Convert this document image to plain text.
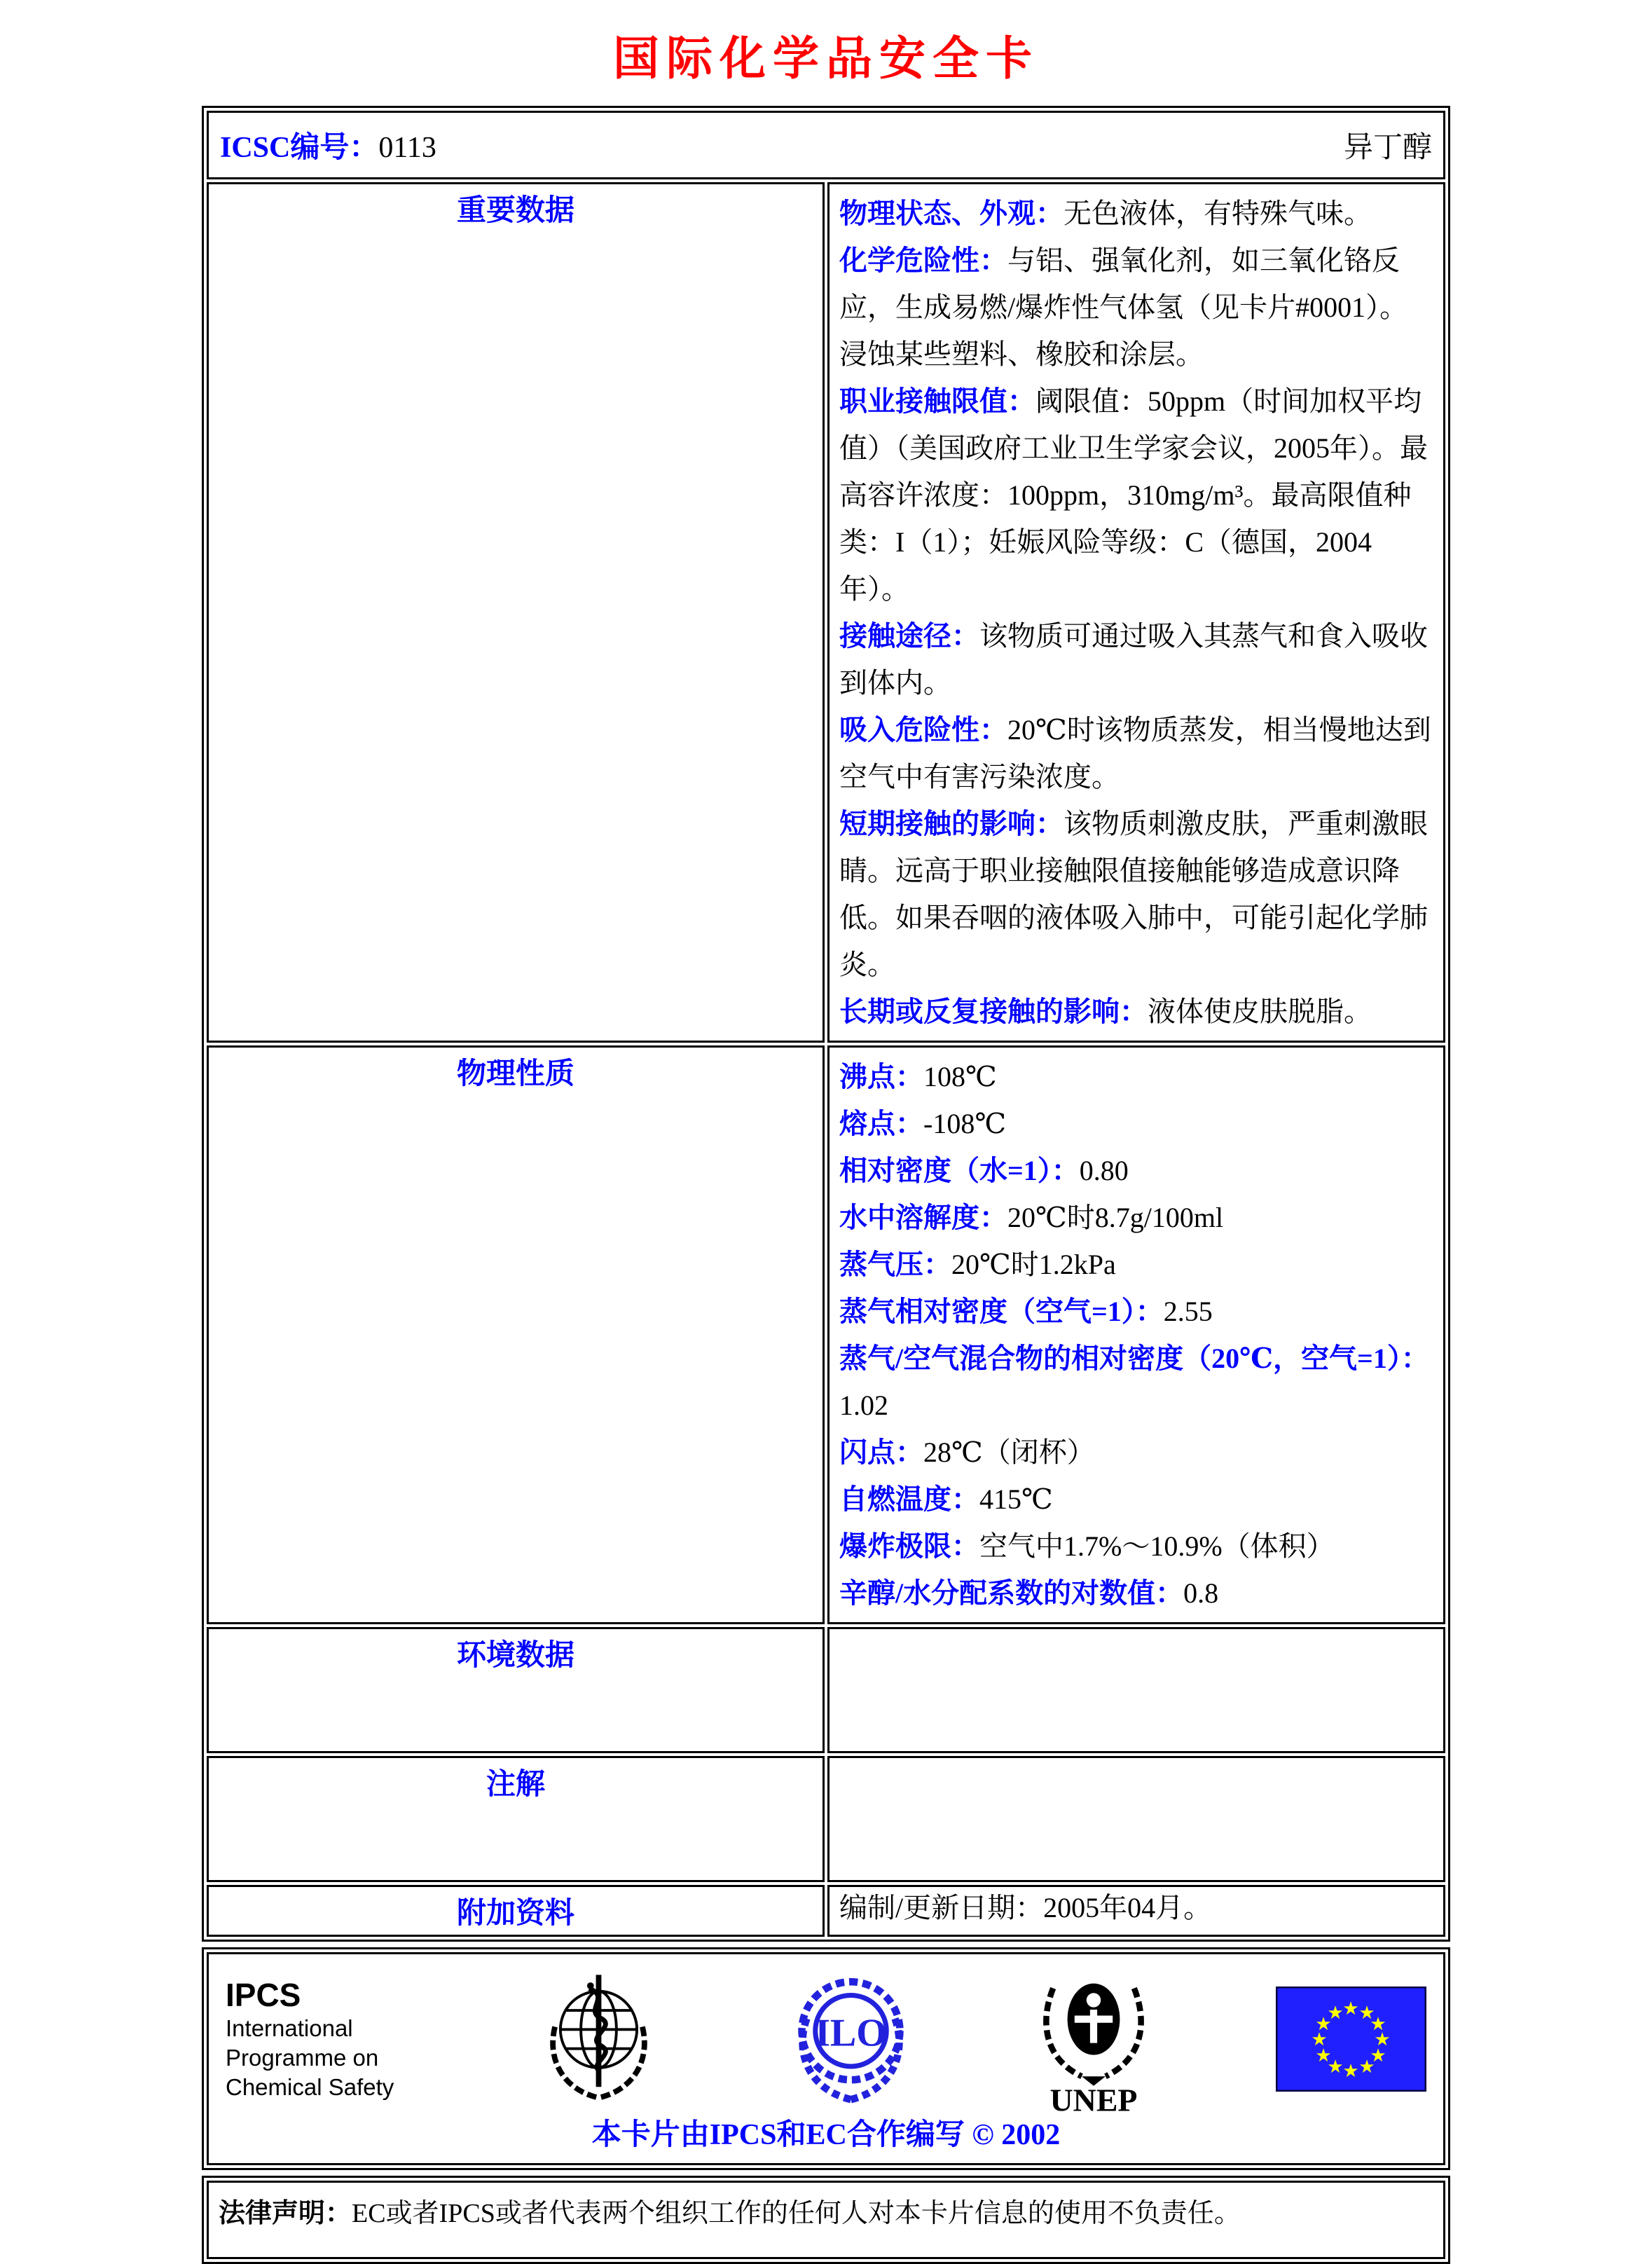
国际化学品安全卡
ICSC编号：0113 异丁醇	

重要数据	物理状态、外观：无色液体，有特殊气味。
化学危险性：与铝、强氧化剂，如三氧化铬反应，生成易燃/爆炸性气体氢（见卡片#0001）。浸蚀某些塑料、橡胶和涂层。
职业接触限值：阈限值：50ppm（时间加权平均值）（美国政府工业卫生学家会议，2005年）。最高容许浓度：100ppm，310mg/m³。最高限值种类：I（1）；妊娠风险等级：C（德国，2004年）。
接触途径：该物质可通过吸入其蒸气和食入吸收到体内。
吸入危险性：20℃时该物质蒸发，相当慢地达到空气中有害污染浓度。
短期接触的影响：该物质刺激皮肤，严重刺激眼睛。远高于职业接触限值接触能够造成意识降低。如果吞咽的液体吸入肺中，可能引起化学肺炎。
长期或反复接触的影响：液体使皮肤脱脂。

物理性质	沸点：108℃
熔点：-108℃
相对密度（水=1）：0.80
水中溶解度：20℃时8.7g/100ml
蒸气压：20℃时1.2kPa
蒸气相对密度（空气=1）：2.55
蒸气/空气混合物的相对密度（20℃，空气=1）：1.02
闪点：28℃（闭杯）
自燃温度：415℃
爆炸极限：空气中1.7%～10.9%（体积）
辛醇/水分配系数的对数值：0.8

环境数据	
注解	
附加资料	编制/更新日期：2005年04月。
IPCS
International
Programme on
Chemical Safety
ILO
UNEP
★ ★
★
★
★
★
★
★
★
★
★
★
本卡片由IPCS和EC合作编写 © 2002
法律声明：EC或者IPCS或者代表两个组织工作的任何人对本卡片信息的使用不负责任。
